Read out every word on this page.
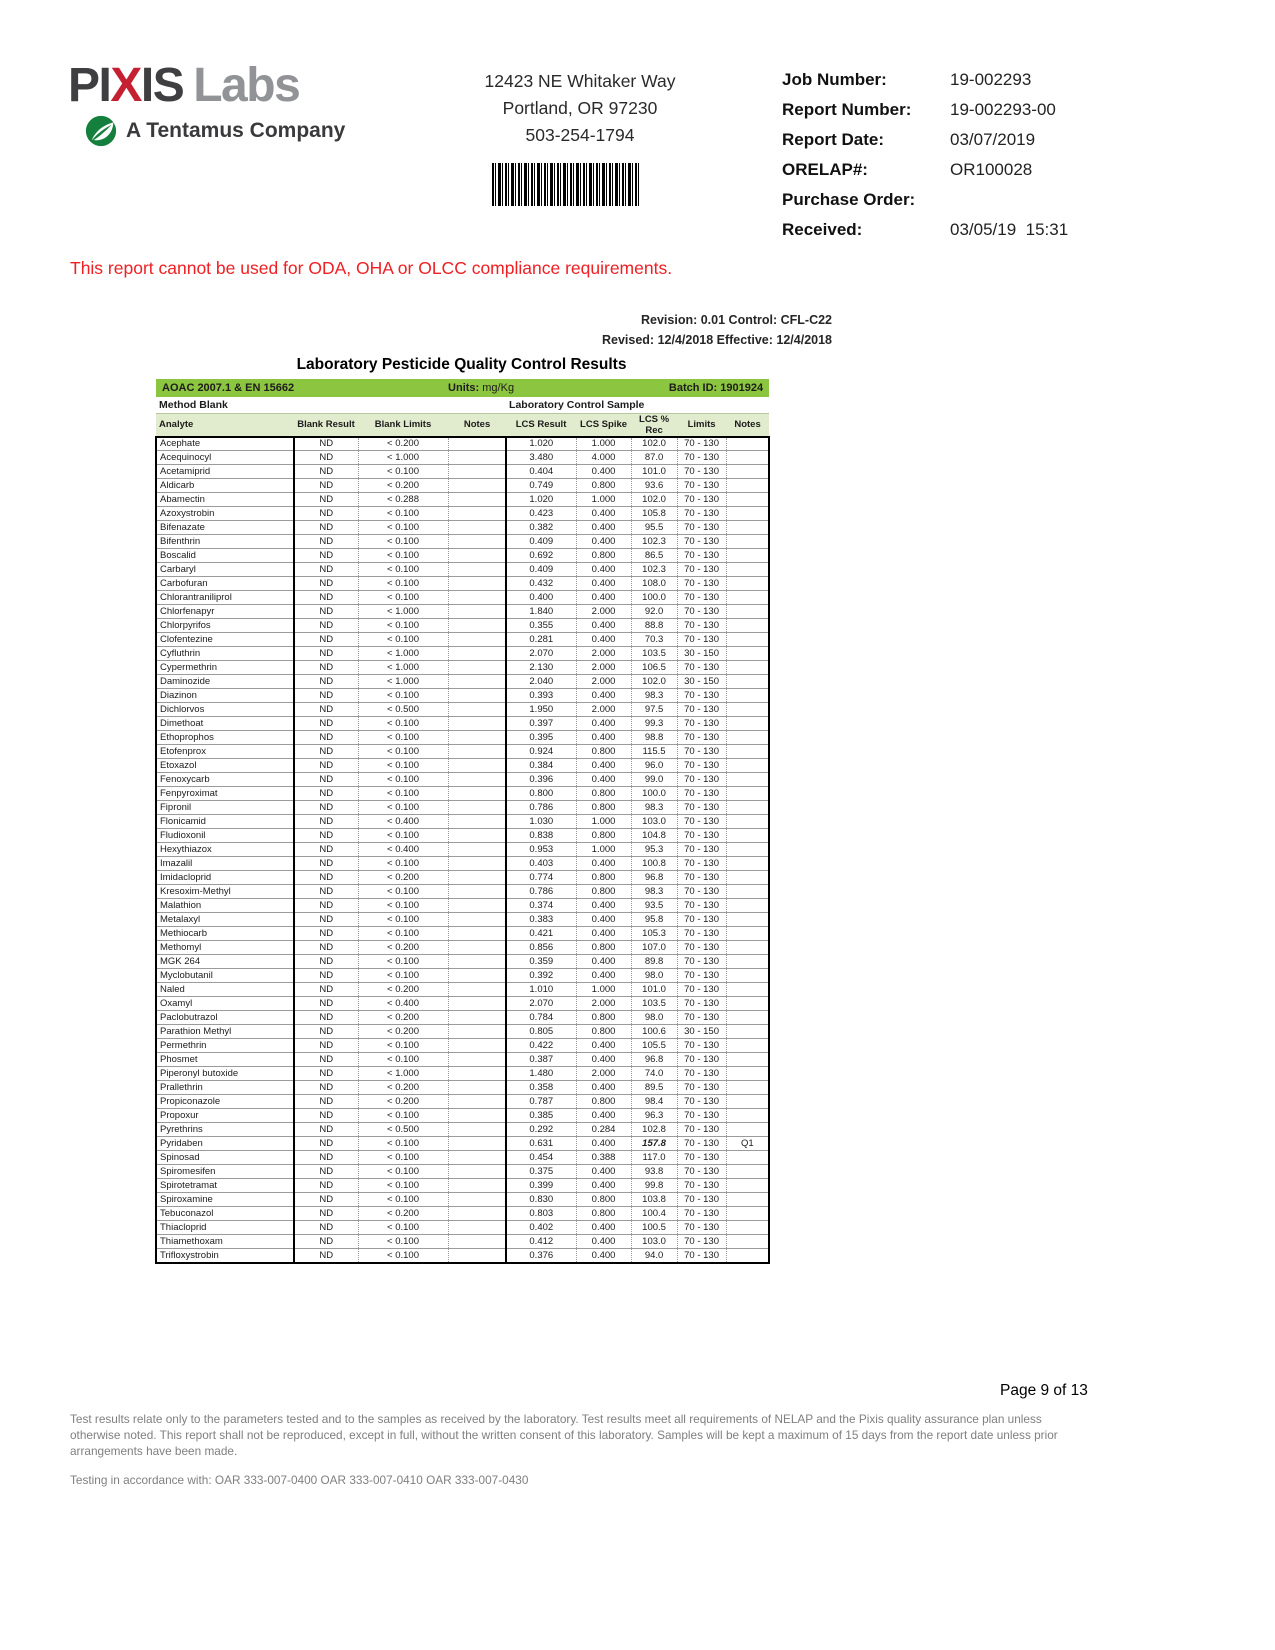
PIXIS Labs
A Tentamus Company
12423 NE Whitaker Way
Portland, OR 97230
503-254-1794
Job Number:	19-002293
Report Number:	19-002293-00
Report Date:	03/07/2019
ORELAP#:	OR100028
Purchase Order:
Received:	03/05/19  15:31
This report cannot be used for ODA, OHA or OLCC compliance requirements.
Revision: 0.01 Control: CFL-C22
Revised: 12/4/2018 Effective: 12/4/2018
Laboratory Pesticide Quality Control Results
AOAC 2007.1 & EN 15662			Units: mg/Kg			Batch ID: 1901924		
Method Blank				Laboratory Control Sample				
Analyte	Blank Result	Blank Limits	Notes	LCS Result	LCS Spike	LCS % Rec	Limits	Notes
Acephate	ND	< 0.200		1.020	1.000	102.0	70 - 130	
Acequinocyl	ND	< 1.000		3.480	4.000	87.0	70 - 130	
Acetamiprid	ND	< 0.100		0.404	0.400	101.0	70 - 130	
Aldicarb	ND	< 0.200		0.749	0.800	93.6	70 - 130	
Abamectin	ND	< 0.288		1.020	1.000	102.0	70 - 130	
Azoxystrobin	ND	< 0.100		0.423	0.400	105.8	70 - 130	
Bifenazate	ND	< 0.100		0.382	0.400	95.5	70 - 130	
Bifenthrin	ND	< 0.100		0.409	0.400	102.3	70 - 130	
Boscalid	ND	< 0.100		0.692	0.800	86.5	70 - 130	
Carbaryl	ND	< 0.100		0.409	0.400	102.3	70 - 130	
Carbofuran	ND	< 0.100		0.432	0.400	108.0	70 - 130	
Chlorantraniliprol	ND	< 0.100		0.400	0.400	100.0	70 - 130	
Chlorfenapyr	ND	< 1.000		1.840	2.000	92.0	70 - 130	
Chlorpyrifos	ND	< 0.100		0.355	0.400	88.8	70 - 130	
Clofentezine	ND	< 0.100		0.281	0.400	70.3	70 - 130	
Cyfluthrin	ND	< 1.000		2.070	2.000	103.5	30 - 150	
Cypermethrin	ND	< 1.000		2.130	2.000	106.5	70 - 130	
Daminozide	ND	< 1.000		2.040	2.000	102.0	30 - 150	
Diazinon	ND	< 0.100		0.393	0.400	98.3	70 - 130	
Dichlorvos	ND	< 0.500		1.950	2.000	97.5	70 - 130	
Dimethoat	ND	< 0.100		0.397	0.400	99.3	70 - 130	
Ethoprophos	ND	< 0.100		0.395	0.400	98.8	70 - 130	
Etofenprox	ND	< 0.100		0.924	0.800	115.5	70 - 130	
Etoxazol	ND	< 0.100		0.384	0.400	96.0	70 - 130	
Fenoxycarb	ND	< 0.100		0.396	0.400	99.0	70 - 130	
Fenpyroximat	ND	< 0.100		0.800	0.800	100.0	70 - 130	
Fipronil	ND	< 0.100		0.786	0.800	98.3	70 - 130	
Flonicamid	ND	< 0.400		1.030	1.000	103.0	70 - 130	
Fludioxonil	ND	< 0.100		0.838	0.800	104.8	70 - 130	
Hexythiazox	ND	< 0.400		0.953	1.000	95.3	70 - 130	
Imazalil	ND	< 0.100		0.403	0.400	100.8	70 - 130	
Imidacloprid	ND	< 0.200		0.774	0.800	96.8	70 - 130	
Kresoxim-Methyl	ND	< 0.100		0.786	0.800	98.3	70 - 130	
Malathion	ND	< 0.100		0.374	0.400	93.5	70 - 130	
Metalaxyl	ND	< 0.100		0.383	0.400	95.8	70 - 130	
Methiocarb	ND	< 0.100		0.421	0.400	105.3	70 - 130	
Methomyl	ND	< 0.200		0.856	0.800	107.0	70 - 130	
MGK 264	ND	< 0.100		0.359	0.400	89.8	70 - 130	
Myclobutanil	ND	< 0.100		0.392	0.400	98.0	70 - 130	
Naled	ND	< 0.200		1.010	1.000	101.0	70 - 130	
Oxamyl	ND	< 0.400		2.070	2.000	103.5	70 - 130	
Paclobutrazol	ND	< 0.200		0.784	0.800	98.0	70 - 130	
Parathion Methyl	ND	< 0.200		0.805	0.800	100.6	30 - 150	
Permethrin	ND	< 0.100		0.422	0.400	105.5	70 - 130	
Phosmet	ND	< 0.100		0.387	0.400	96.8	70 - 130	
Piperonyl butoxide	ND	< 1.000		1.480	2.000	74.0	70 - 130	
Prallethrin	ND	< 0.200		0.358	0.400	89.5	70 - 130	
Propiconazole	ND	< 0.200		0.787	0.800	98.4	70 - 130	
Propoxur	ND	< 0.100		0.385	0.400	96.3	70 - 130	
Pyrethrins	ND	< 0.500		0.292	0.284	102.8	70 - 130	
Pyridaben	ND	< 0.100		0.631	0.400	157.8	70 - 130	Q1
Spinosad	ND	< 0.100		0.454	0.388	117.0	70 - 130	
Spiromesifen	ND	< 0.100		0.375	0.400	93.8	70 - 130	
Spirotetramat	ND	< 0.100		0.399	0.400	99.8	70 - 130	
Spiroxamine	ND	< 0.100		0.830	0.800	103.8	70 - 130	
Tebuconazol	ND	< 0.200		0.803	0.800	100.4	70 - 130	
Thiacloprid	ND	< 0.100		0.402	0.400	100.5	70 - 130	
Thiamethoxam	ND	< 0.100		0.412	0.400	103.0	70 - 130	
Trifloxystrobin	ND	< 0.100		0.376	0.400	94.0	70 - 130	
Page 9 of 13
Test results relate only to the parameters tested and to the samples as received by the laboratory. Test results meet all requirements of NELAP and the Pixis quality assurance plan unless otherwise noted. This report shall not be reproduced, except in full, without the written consent of this laboratory. Samples will be kept a maximum of 15 days from the report date unless prior arrangements have been made.
Testing in accordance with: OAR 333-007-0400 OAR 333-007-0410 OAR 333-007-0430
